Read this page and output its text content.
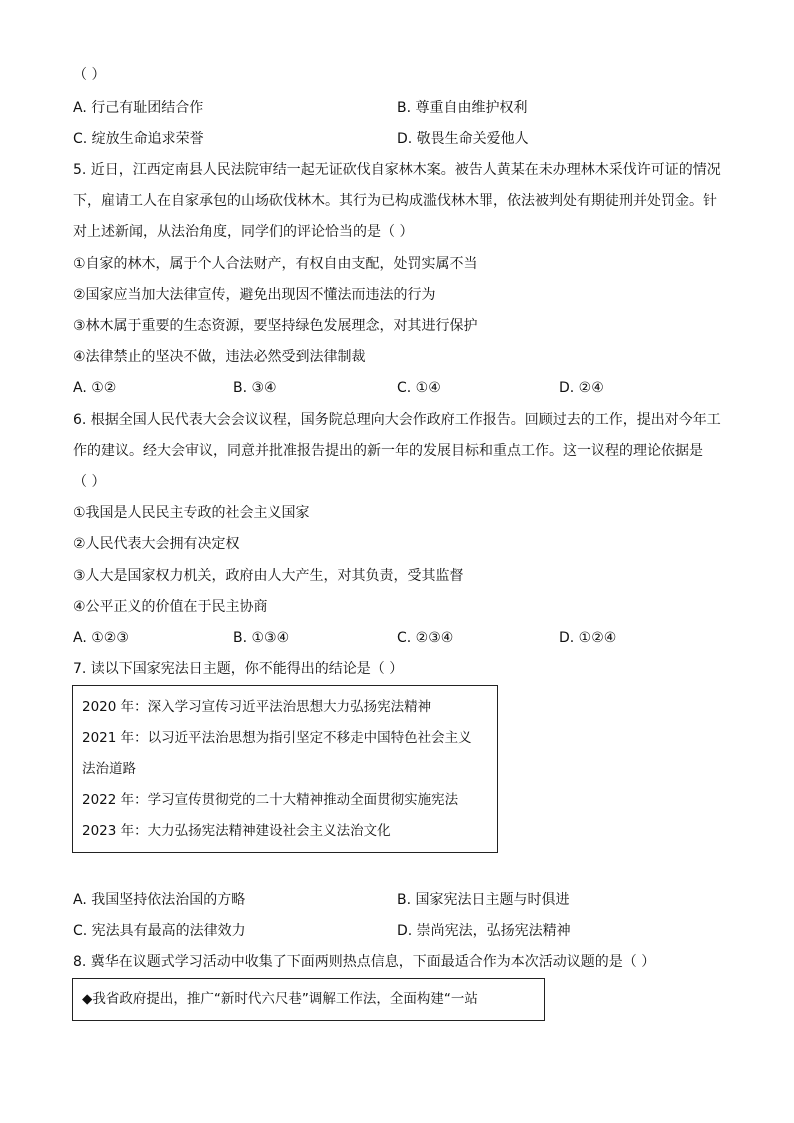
（ ）
A. 行己有耻团结合作	B. 尊重自由维护权利
C. 绽放生命追求荣誉	D. 敬畏生命关爱他人
5. 近日，江西定南县人民法院审结一起无证砍伐自家林木案。被告人黄某在未办理林木采伐许可证的情况
下，雇请工人在自家承包的山场砍伐林木。其行为已构成滥伐林木罪，依法被判处有期徒刑并处罚金。针
对上述新闻，从法治角度，同学们的评论恰当的是（ ）
①自家的林木，属于个人合法财产，有权自由支配，处罚实属不当
②国家应当加大法律宣传，避免出现因不懂法而违法的行为
③林木属于重要的生态资源，要坚持绿色发展理念，对其进行保护
④法律禁止的坚决不做，违法必然受到法律制裁
A. ①②	B. ③④	C. ①④	D. ②④
6. 根据全国人民代表大会会议议程，国务院总理向大会作政府工作报告。回顾过去的工作，提出对今年工
作的建议。经大会审议，同意并批准报告提出的新一年的发展目标和重点工作。这一议程的理论依据是
（ ）
①我国是人民民主专政的社会主义国家
②人民代表大会拥有决定权
③人大是国家权力机关，政府由人大产生，对其负责，受其监督
④公平正义的价值在于民主协商
A. ①②③	B. ①③④	C. ②③④	D. ①②④
7. 读以下国家宪法日主题，你不能得出的结论是（ ）
2020 年：深入学习宣传习近平法治思想大力弘扬宪法精神
2021 年：以习近平法治思想为指引坚定不移走中国特色社会主义
法治道路
2022 年：学习宣传贯彻党的二十大精神推动全面贯彻实施宪法
2023 年：大力弘扬宪法精神建设社会主义法治文化
A. 我国坚持依法治国的方略	B. 国家宪法日主题与时俱进
C. 宪法具有最高的法律效力	D. 崇尚宪法，弘扬宪法精神
8. 冀华在议题式学习活动中收集了下面两则热点信息，下面最适合作为本次活动议题的是（ ）
◆我省政府提出，推广“新时代六尺巷”调解工作法，全面构建“一站
